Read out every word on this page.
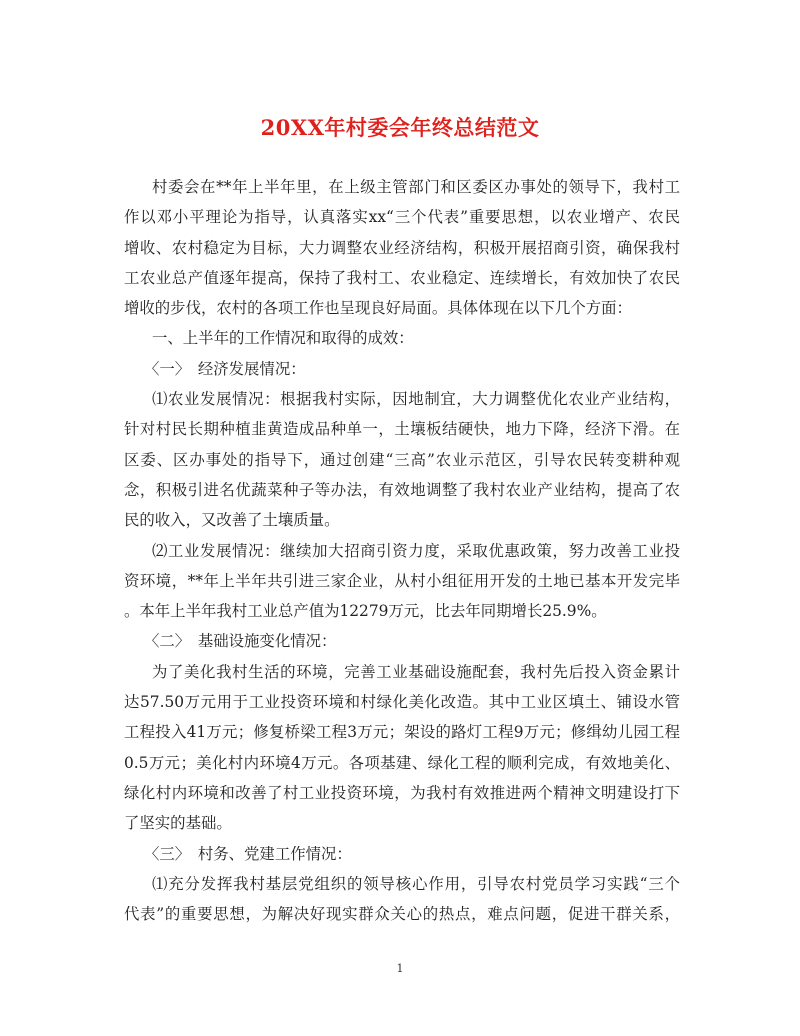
20XX年村委会年终总结范文
村委会在**年上半年里，在上级主管部门和区委区办事处的领导下，我村工
作以邓小平理论为指导，认真落实xx“三个代表”重要思想，以农业增产、农民
增收、农村稳定为目标，大力调整农业经济结构，积极开展招商引资，确保我村
工农业总产值逐年提高，保持了我村工、农业稳定、连续增长，有效加快了农民
增收的步伐，农村的各项工作也呈现良好局面。具体体现在以下几个方面：
一、上半年的工作情况和取得的成效：
〈一〉　经济发展情况：
⑴农业发展情况：根据我村实际，因地制宜，大力调整优化农业产业结构，
针对村民长期种植韭黄造成品种单一，土壤板结硬快，地力下降，经济下滑。在
区委、区办事处的指导下，通过创建“三高”农业示范区，引导农民转变耕种观
念，积极引进名优蔬菜种子等办法，有效地调整了我村农业产业结构，提高了农
民的收入，又改善了土壤质量。
⑵工业发展情况：继续加大招商引资力度，采取优惠政策，努力改善工业投
资环境，**年上半年共引进三家企业，从村小组征用开发的土地已基本开发完毕
。本年上半年我村工业总产值为12279万元，比去年同期增长25.9%。
〈二〉　基础设施变化情况：
为了美化我村生活的环境，完善工业基础设施配套，我村先后投入资金累计
达57.50万元用于工业投资环境和村绿化美化改造。其中工业区填土、铺设水管
工程投入41万元；修复桥梁工程3万元；架设的路灯工程9万元；修缉幼儿园工程
0.5万元；美化村内环境4万元。各项基建、绿化工程的顺利完成，有效地美化、
绿化村内环境和改善了村工业投资环境，为我村有效推进两个精神文明建设打下
了坚实的基础。
〈三〉　村务、党建工作情况：
⑴充分发挥我村基层党组织的领导核心作用，引导农村党员学习实践“三个
代表”的重要思想，为解决好现实群众关心的热点，难点问题，促进干群关系，
1
